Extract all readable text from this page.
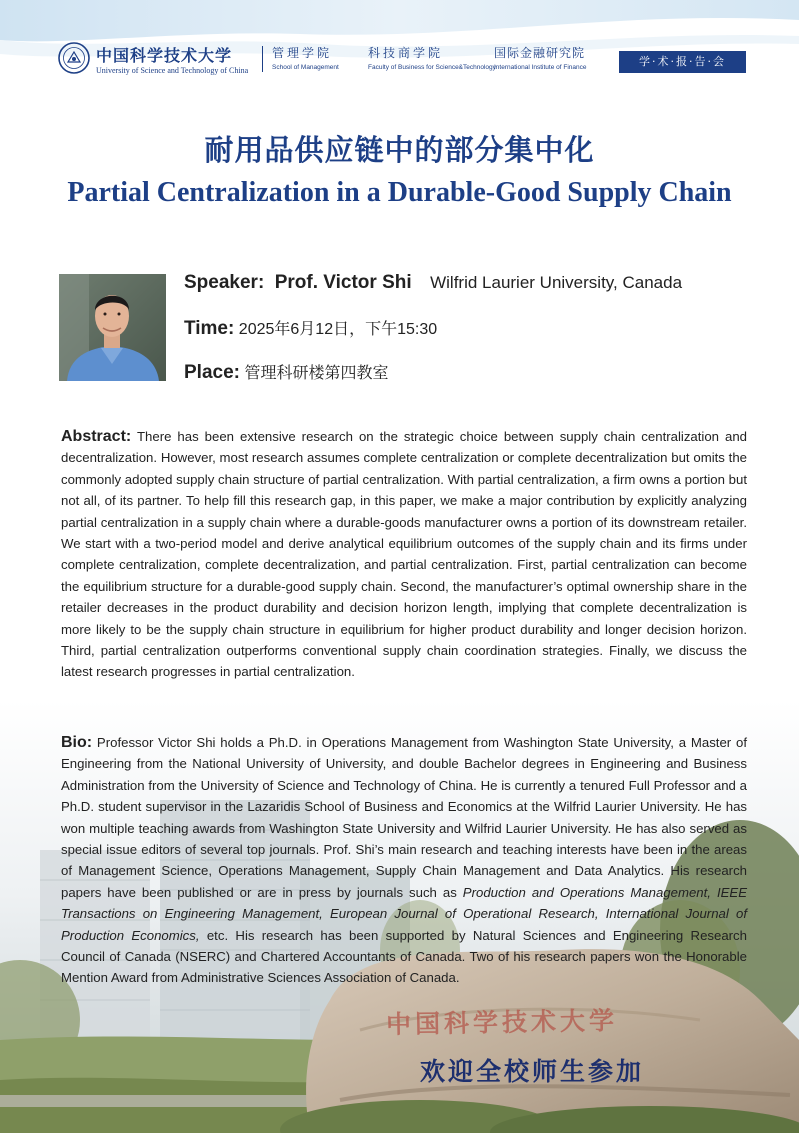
中国科学技术大学
中国科学技术大学
University of Science and Technology of China
管理学院
School of Management
科技商学院
Faculty of Business for Science&Technology
国际金融研究院
International Institute of Finance	学·术·报·告·会
耐用品供应链中的部分集中化
Partial Centralization in a Durable-Good Supply Chain
Speaker: Prof. Victor Shi Wilfrid Laurier University, Canada
Time: 2025年6月12日，下午15:30
Place: 管理科研楼第四教室
Abstract: There has been extensive research on the strategic choice between supply chain centralization and decentralization. However, most research assumes complete centralization or complete decentralization but omits the commonly adopted supply chain structure of partial centralization. With partial centralization, a firm owns a portion but not all, of its partner. To help fill this research gap, in this paper, we make a major contribution by explicitly analyzing partial centralization in a supply chain where a durable-goods manufacturer owns a portion of its downstream retailer. We start with a two-period model and derive analytical equilibrium outcomes of the supply chain and its firms under complete centralization, complete decentralization, and partial centralization. First, partial centralization can become the equilibrium structure for a durable-good supply chain. Second, the manufacturer’s optimal ownership share in the retailer decreases in the product durability and decision horizon length, implying that complete decentralization is more likely to be the supply chain structure in equilibrium for higher product durability and longer decision horizon. Third, partial centralization outperforms conventional supply chain coordination strategies. Finally, we discuss the latest research progresses in partial centralization.
Bio: Professor Victor Shi holds a Ph.D. in Operations Management from Washington State University, a Master of Engineering from the National University of University, and double Bachelor degrees in Engineering and Business Administration from the University of Science and Technology of China. He is currently a tenured Full Professor and a Ph.D. student supervisor in the Lazaridis School of Business and Economics at the Wilfrid Laurier University. He has won multiple teaching awards from Washington State University and Wilfrid Laurier University. He has also served as special issue editors of several top journals. Prof. Shi’s main research and teaching interests have been in the areas of Management Science, Operations Management, Supply Chain Management and Data Analytics. His research papers have been published or are in press by journals such as Production and Operations Management, IEEE Transactions on Engineering Management, European Journal of Operational Research, International Journal of Production Economics, etc. His research has been supported by Natural Sciences and Engineering Research Council of Canada (NSERC) and Chartered Accountants of Canada. Two of his research papers won the Honorable Mention Award from Administrative Sciences Association of Canada.
欢迎全校师生参加
